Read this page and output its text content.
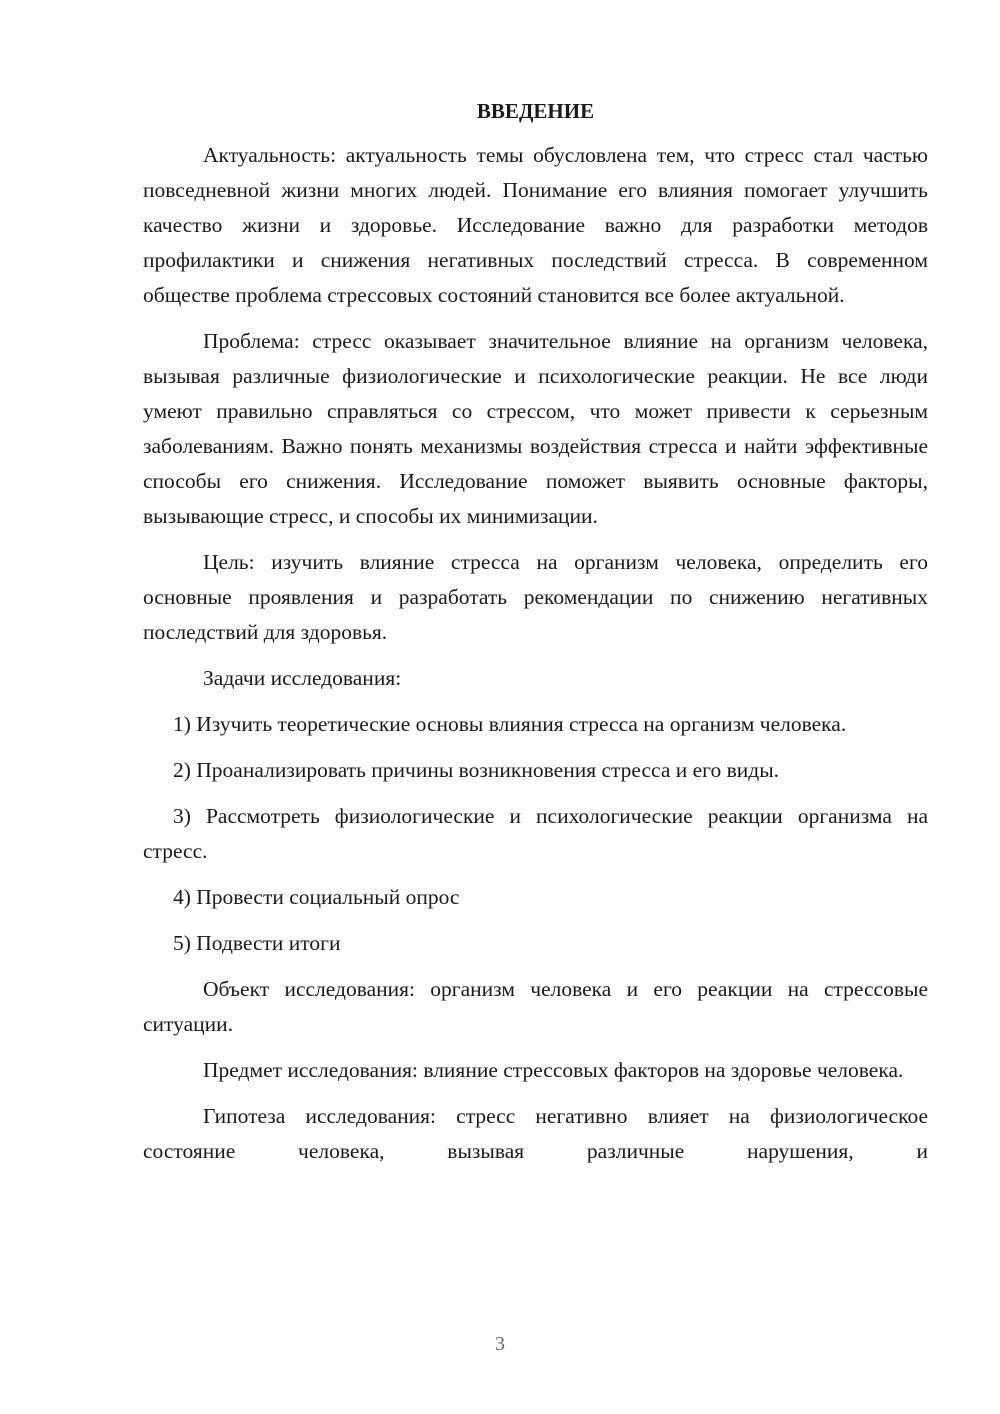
ВВЕДЕНИЕ

Актуальность: актуальность темы обусловлена тем, что стресс стал частью повседневной жизни многих людей. Понимание его влияния помогает улучшить качество жизни и здоровье. Исследование важно для разработки методов профилактики и снижения негативных последствий стресса. В современном обществе проблема стрессовых состояний становится все более актуальной.

Проблема: стресс оказывает значительное влияние на организм человека, вызывая различные физиологические и психологические реакции. Не все люди умеют правильно справляться со стрессом, что может привести к серьезным заболеваниям. Важно понять механизмы воздействия стресса и найти эффективные способы его снижения. Исследование поможет выявить основные факторы, вызывающие стресс, и способы их минимизации.

Цель: изучить влияние стресса на организм человека, определить его основные проявления и разработать рекомендации по снижению негативных последствий для здоровья.

Задачи исследования:

1) Изучить теоретические основы влияния стресса на организм человека.

2) Проанализировать причины возникновения стресса и его виды.

3) Рассмотреть физиологические и психологические реакции организма на стресс.

4) Провести социальный опрос

5) Подвести итоги

Объект исследования: организм человека и его реакции на стрессовые ситуации.

Предмет исследования: влияние стрессовых факторов на здоровье человека.

Гипотеза исследования: стресс негативно влияет на физиологическое состояние человека, вызывая различные нарушения, и

3
